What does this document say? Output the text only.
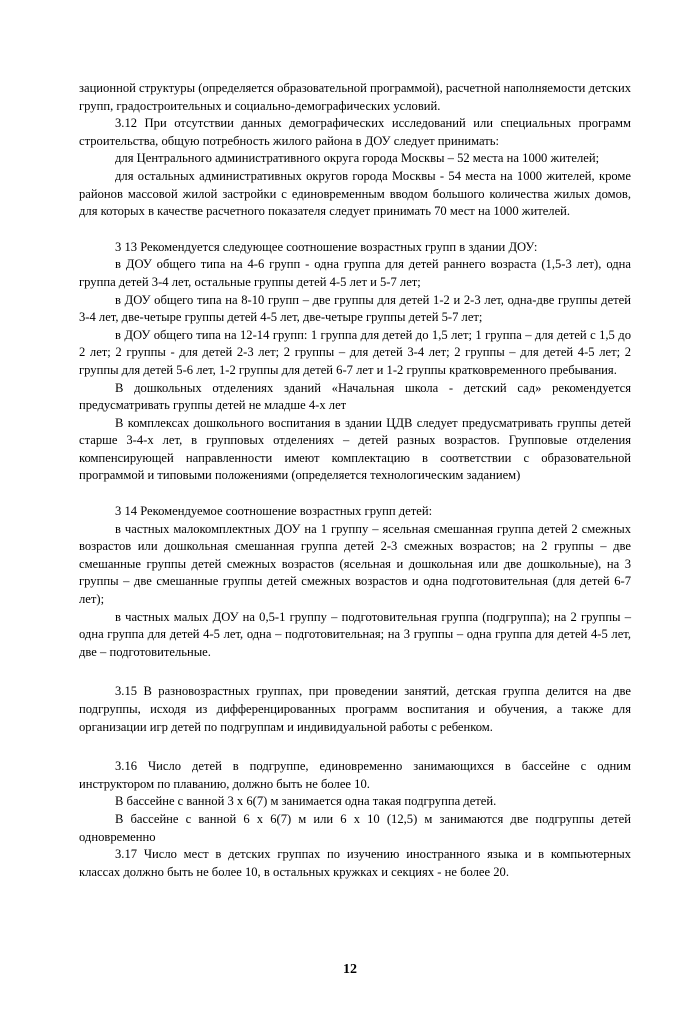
зационной структуры (определяется образовательной программой), расчетной наполняемости детских групп, градостроительных и социально-демографических условий.

3.12 При отсутствии данных демографических исследований или специальных программ строительства, общую потребность жилого района в ДОУ следует принимать:

для Центрального административного округа города Москвы – 52 места на 1000 жителей;

для остальных административных округов города Москвы - 54 места на 1000 жителей, кроме районов массовой жилой застройки с единовременным вводом большого количества жилых домов, для которых в качестве расчетного показателя следует принимать 70 мест на 1000 жителей.

3 13 Рекомендуется следующее соотношение возрастных групп в здании ДОУ:

в ДОУ общего типа на 4-6 групп - одна группа для детей раннего возраста (1,5-3 лет), одна группа детей 3-4 лет, остальные группы детей 4-5 лет и 5-7 лет;

в ДОУ общего типа на 8-10 групп – две группы для детей 1-2 и 2-3 лет, одна-две группы детей 3-4 лет, две-четыре группы детей 4-5 лет, две-четыре группы детей 5-7 лет;

в ДОУ общего типа на 12-14 групп: 1 группа для детей до 1,5 лет; 1 группа – для детей с 1,5 до 2 лет; 2 группы - для детей 2-3 лет; 2 группы – для детей 3-4 лет; 2 группы – для детей 4-5 лет; 2 группы для детей 5-6 лет, 1-2 группы для детей 6-7 лет и 1-2 группы кратковременного пребывания.

В дошкольных отделениях зданий «Начальная школа - детский сад» рекомендуется предусматривать группы детей не младше 4-х лет

В комплексах дошкольного воспитания в здании ЦДВ следует предусматривать группы детей старше 3-4-х лет, в групповых отделениях – детей разных возрастов. Групповые отделения компенсирующей направленности имеют комплектацию в соответствии с образовательной программой и типовыми положениями (определяется технологическим заданием)

3 14 Рекомендуемое соотношение возрастных групп детей:

в частных малокомплектных ДОУ на 1 группу – ясельная смешанная группа детей 2 смежных возрастов или дошкольная смешанная группа детей 2-3 смежных возрастов; на 2 группы – две смешанные группы детей смежных возрастов (ясельная и дошкольная или две дошкольные), на 3 группы – две смешанные группы детей смежных возрастов и одна подготовительная (для детей 6-7 лет);

в частных малых ДОУ на 0,5-1 группу – подготовительная группа (подгруппа); на 2 группы – одна группа для детей 4-5 лет, одна – подготовительная; на 3 группы – одна группа для детей 4-5 лет, две – подготовительные.

3.15 В разновозрастных группах, при проведении занятий, детская группа делится на две подгруппы, исходя из дифференцированных программ воспитания и обучения, а также для организации игр детей по подгруппам и индивидуальной работы с ребенком.

3.16 Число детей в подгруппе, единовременно занимающихся в бассейне с одним инструктором по плаванию, должно быть не более 10.

В бассейне с ванной 3 х 6(7) м занимается одна такая подгруппа детей.

В бассейне с ванной 6 х 6(7) м или 6 х 10 (12,5) м занимаются две подгруппы детей одновременно

3.17 Число мест в детских группах по изучению иностранного языка и в компьютерных классах должно быть не более 10, в остальных кружках и секциях - не более 20.

12
